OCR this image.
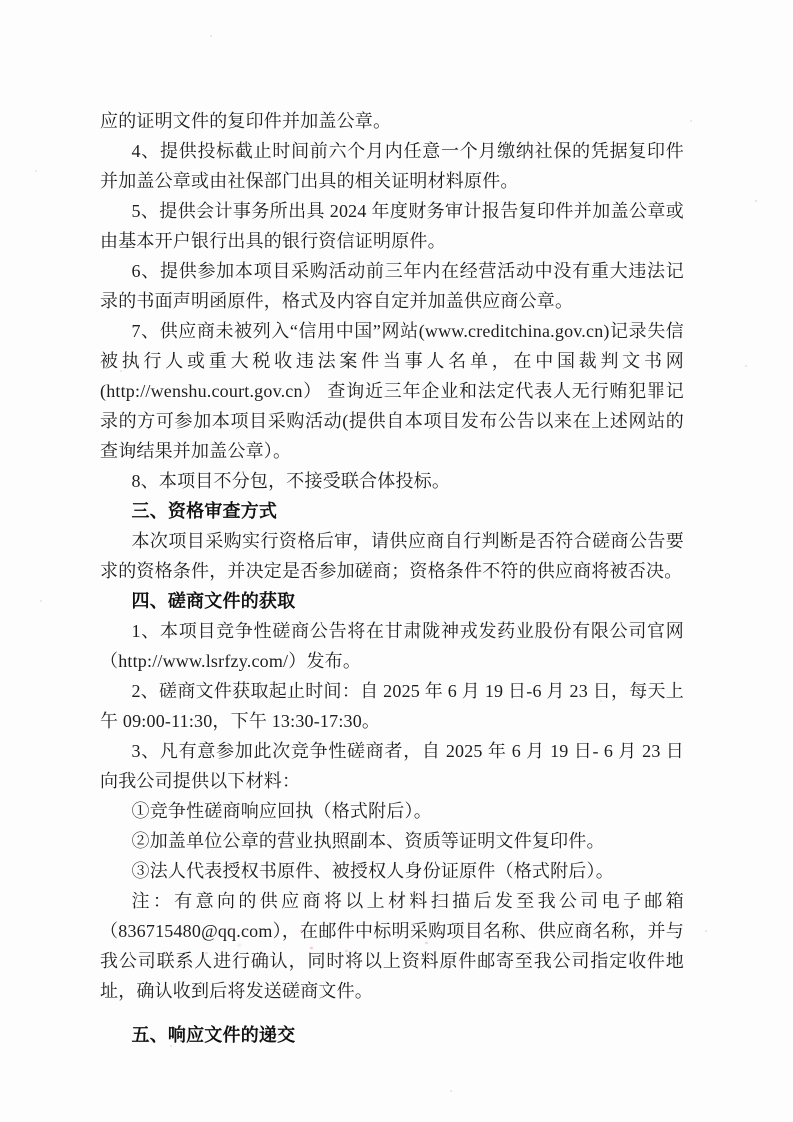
应的证明文件的复印件并加盖公章。

4、提供投标截止时间前六个月内任意一个月缴纳社保的凭据复印件并加盖公章或由社保部门出具的相关证明材料原件。

5、提供会计事务所出具 2024 年度财务审计报告复印件并加盖公章或由基本开户银行出具的银行资信证明原件。

6、提供参加本项目采购活动前三年内在经营活动中没有重大违法记录的书面声明函原件，格式及内容自定并加盖供应商公章。

7、供应商未被列入“信用中国”网站(www.creditchina.gov.cn)记录失信被执行人或重大税收违法案件当事人名单，在中国裁判文书网(http://wenshu.court.gov.cn） 查询近三年企业和法定代表人无行贿犯罪记录的方可参加本项目采购活动(提供自本项目发布公告以来在上述网站的查询结果并加盖公章）。

8、本项目不分包，不接受联合体投标。

三、资格审查方式

本次项目采购实行资格后审，请供应商自行判断是否符合磋商公告要求的资格条件，并决定是否参加磋商；资格条件不符的供应商将被否决。

四、磋商文件的获取

1、本项目竞争性磋商公告将在甘肃陇神戎发药业股份有限公司官网（http://www.lsrfzy.com/）发布。

2、磋商文件获取起止时间：自 2025 年 6 月 19 日-6 月 23 日，每天上午 09:00-11:30，下午 13:30-17:30。

3、凡有意参加此次竞争性磋商者，自 2025 年 6 月 19 日- 6 月 23 日向我公司提供以下材料：

①竞争性磋商响应回执（格式附后）。

②加盖单位公章的营业执照副本、资质等证明文件复印件。

③法人代表授权书原件、被授权人身份证原件（格式附后）。

注：有意向的供应商将以上材料扫描后发至我公司电子邮箱（836715480@qq.com），在邮件中标明采购项目名称、供应商名称，并与我公司联系人进行确认，同时将以上资料原件邮寄至我公司指定收件地址，确认收到后将发送磋商文件。

五、响应文件的递交
